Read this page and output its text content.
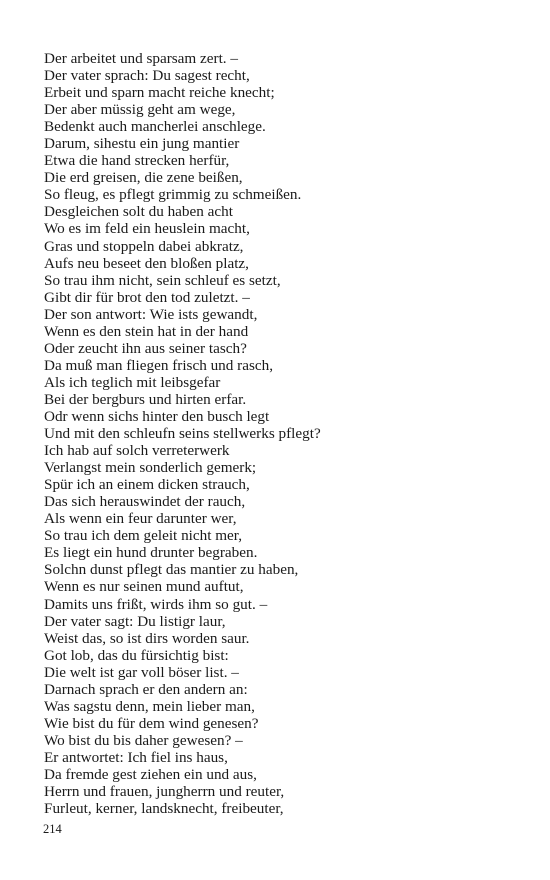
Der arbeitet und sparsam zert. –
Der vater sprach: Du sagest recht,
Erbeit und sparn macht reiche knecht;
Der aber müssig geht am wege,
Bedenkt auch mancherlei anschlege.
Darum, sihestu ein jung mantier
Etwa die hand strecken herfür,
Die erd greisen, die zene beißen,
So fleug, es pflegt grimmig zu schmeißen.
Desgleichen solt du haben acht
Wo es im feld ein heuslein macht,
Gras und stoppeln dabei abkratz,
Aufs neu beseet den bloßen platz,
So trau ihm nicht, sein schleuf es setzt,
Gibt dir für brot den tod zuletzt. –
Der son antwort: Wie ists gewandt,
Wenn es den stein hat in der hand
Oder zeucht ihn aus seiner tasch?
Da muß man fliegen frisch und rasch,
Als ich teglich mit leibsgefar
Bei der bergburs und hirten erfar.
Odr wenn sichs hinter den busch legt
Und mit den schleufn seins stellwerks pflegt?
Ich hab auf solch verreterwerk
Verlangst mein sonderlich gemerk;
Spür ich an einem dicken strauch,
Das sich herauswindet der rauch,
Als wenn ein feur darunter wer,
So trau ich dem geleit nicht mer,
Es liegt ein hund drunter begraben.
Solchn dunst pflegt das mantier zu haben,
Wenn es nur seinen mund auftut,
Damits uns frißt, wirds ihm so gut. –
Der vater sagt: Du listigr laur,
Weist das, so ist dirs worden saur.
Got lob, das du fürsichtig bist:
Die welt ist gar voll böser list. –
Darnach sprach er den andern an:
Was sagstu denn, mein lieber man,
Wie bist du für dem wind genesen?
Wo bist du bis daher gewesen? –
Er antwortet: Ich fiel ins haus,
Da fremde gest ziehen ein und aus,
Herrn und frauen, jungherrn und reuter,
Furleut, kerner, landsknecht, freibeuter,
214
